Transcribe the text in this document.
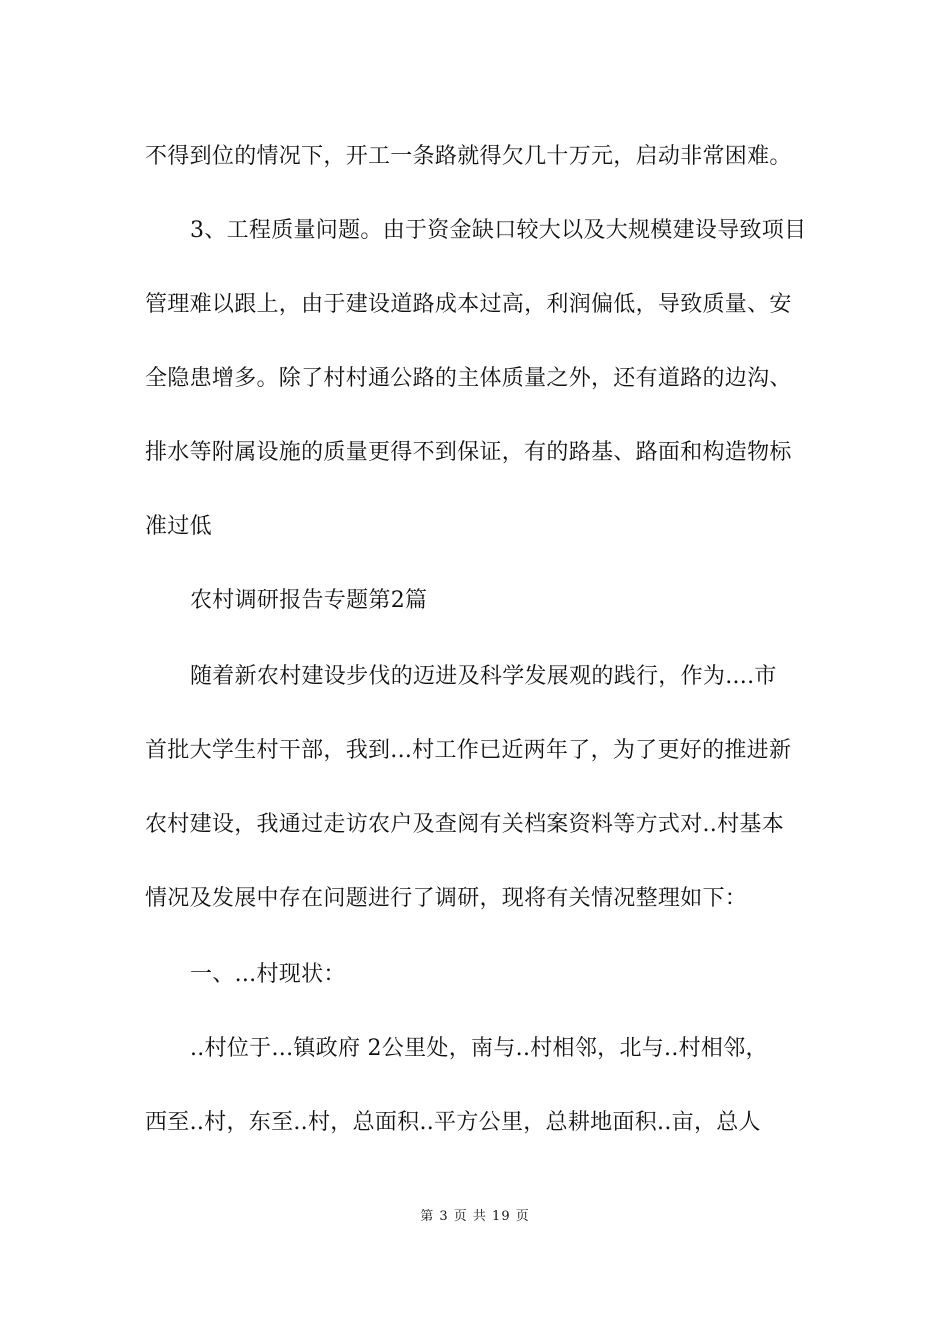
不得到位的情况下，开工一条路就得欠几十万元，启动非常困难。
3、工程质量问题。由于资金缺口较大以及大规模建设导致项目
管理难以跟上，由于建设道路成本过高，利润偏低，导致质量、安
全隐患增多。除了村村通公路的主体质量之外，还有道路的边沟、
排水等附属设施的质量更得不到保证，有的路基、路面和构造物标
准过低
农村调研报告专题第2篇
随着新农村建设步伐的迈进及科学发展观的践行，作为....市
首批大学生村干部，我到...村工作已近两年了，为了更好的推进新
农村建设，我通过走访农户及查阅有关档案资料等方式对..村基本
情况及发展中存在问题进行了调研，现将有关情况整理如下：
一、...村现状：
..村位于...镇政府 2公里处，南与..村相邻，北与..村相邻，
西至..村，东至..村，总面积..平方公里，总耕地面积..亩，总人
第 3 页 共 19 页
